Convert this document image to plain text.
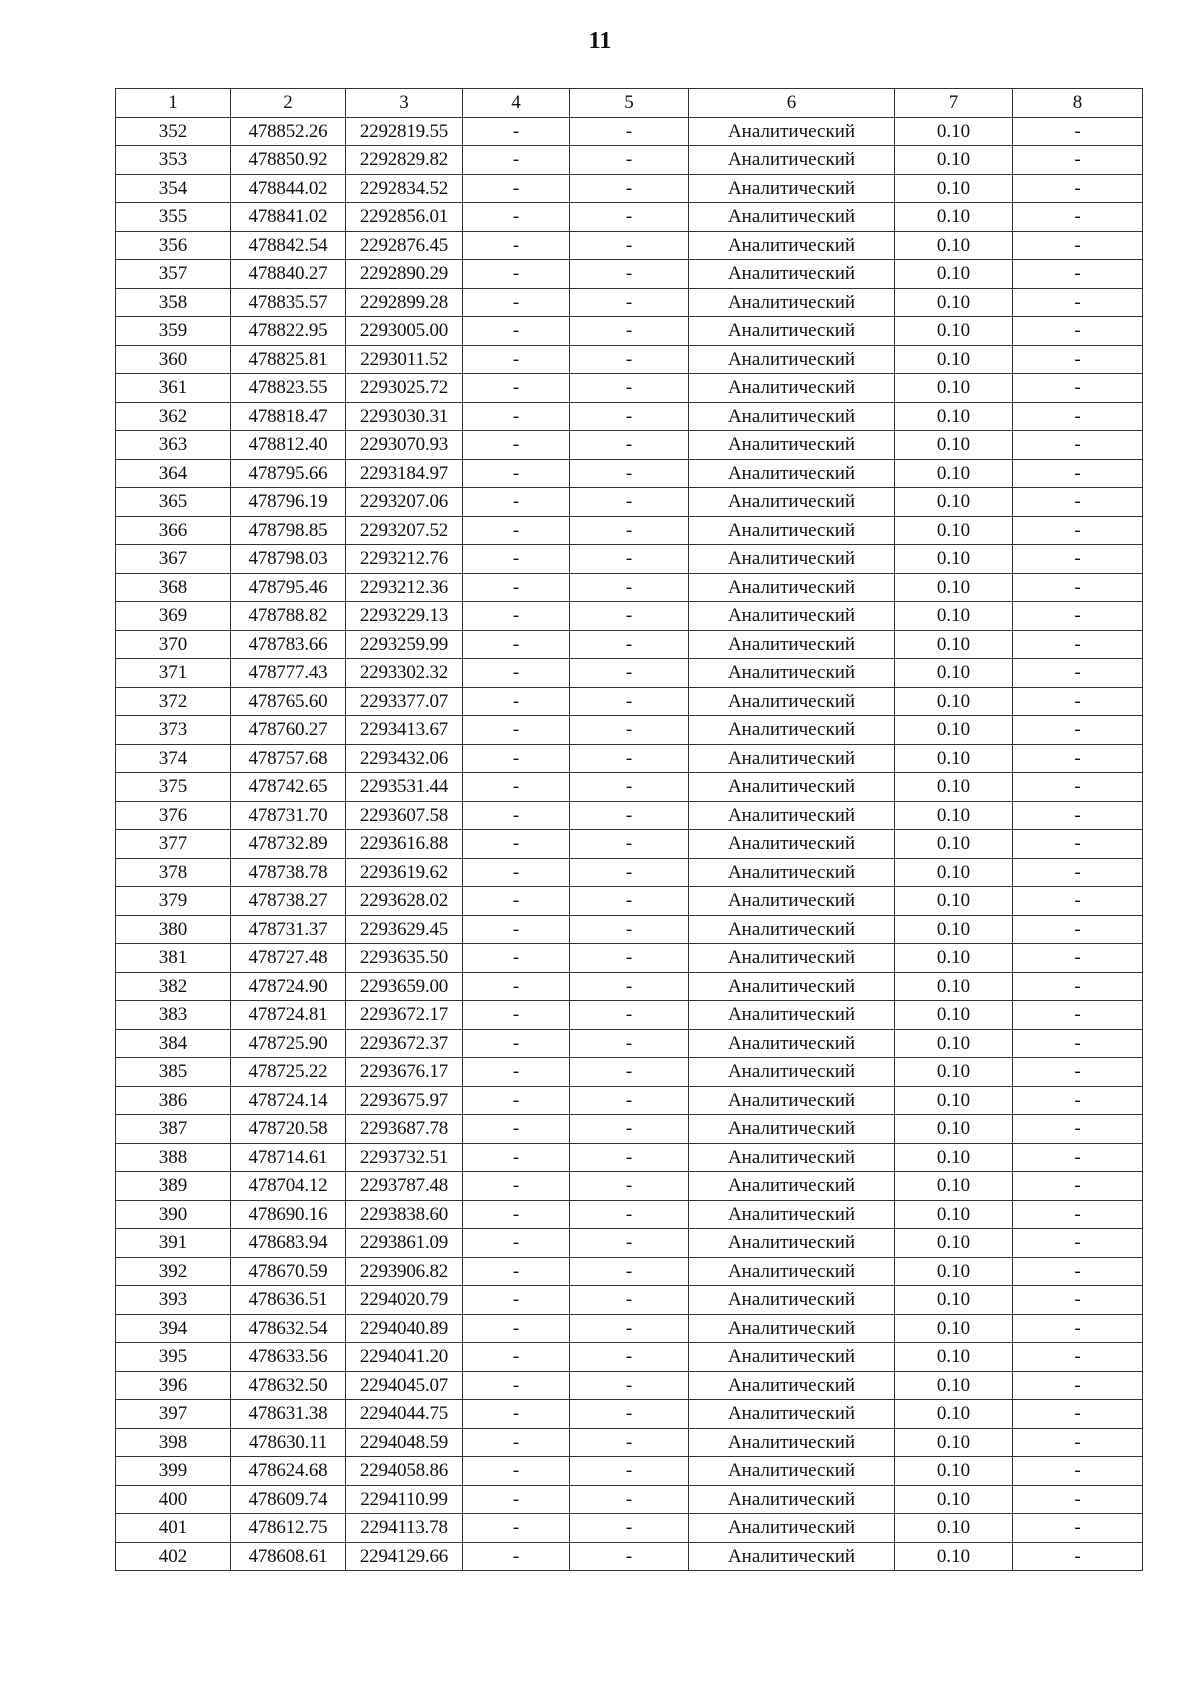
11
1	2	3	4	5	6	7	8
352	478852.26	2292819.55	-	-	Аналитический	0.10	-
353	478850.92	2292829.82	-	-	Аналитический	0.10	-
354	478844.02	2292834.52	-	-	Аналитический	0.10	-
355	478841.02	2292856.01	-	-	Аналитический	0.10	-
356	478842.54	2292876.45	-	-	Аналитический	0.10	-
357	478840.27	2292890.29	-	-	Аналитический	0.10	-
358	478835.57	2292899.28	-	-	Аналитический	0.10	-
359	478822.95	2293005.00	-	-	Аналитический	0.10	-
360	478825.81	2293011.52	-	-	Аналитический	0.10	-
361	478823.55	2293025.72	-	-	Аналитический	0.10	-
362	478818.47	2293030.31	-	-	Аналитический	0.10	-
363	478812.40	2293070.93	-	-	Аналитический	0.10	-
364	478795.66	2293184.97	-	-	Аналитический	0.10	-
365	478796.19	2293207.06	-	-	Аналитический	0.10	-
366	478798.85	2293207.52	-	-	Аналитический	0.10	-
367	478798.03	2293212.76	-	-	Аналитический	0.10	-
368	478795.46	2293212.36	-	-	Аналитический	0.10	-
369	478788.82	2293229.13	-	-	Аналитический	0.10	-
370	478783.66	2293259.99	-	-	Аналитический	0.10	-
371	478777.43	2293302.32	-	-	Аналитический	0.10	-
372	478765.60	2293377.07	-	-	Аналитический	0.10	-
373	478760.27	2293413.67	-	-	Аналитический	0.10	-
374	478757.68	2293432.06	-	-	Аналитический	0.10	-
375	478742.65	2293531.44	-	-	Аналитический	0.10	-
376	478731.70	2293607.58	-	-	Аналитический	0.10	-
377	478732.89	2293616.88	-	-	Аналитический	0.10	-
378	478738.78	2293619.62	-	-	Аналитический	0.10	-
379	478738.27	2293628.02	-	-	Аналитический	0.10	-
380	478731.37	2293629.45	-	-	Аналитический	0.10	-
381	478727.48	2293635.50	-	-	Аналитический	0.10	-
382	478724.90	2293659.00	-	-	Аналитический	0.10	-
383	478724.81	2293672.17	-	-	Аналитический	0.10	-
384	478725.90	2293672.37	-	-	Аналитический	0.10	-
385	478725.22	2293676.17	-	-	Аналитический	0.10	-
386	478724.14	2293675.97	-	-	Аналитический	0.10	-
387	478720.58	2293687.78	-	-	Аналитический	0.10	-
388	478714.61	2293732.51	-	-	Аналитический	0.10	-
389	478704.12	2293787.48	-	-	Аналитический	0.10	-
390	478690.16	2293838.60	-	-	Аналитический	0.10	-
391	478683.94	2293861.09	-	-	Аналитический	0.10	-
392	478670.59	2293906.82	-	-	Аналитический	0.10	-
393	478636.51	2294020.79	-	-	Аналитический	0.10	-
394	478632.54	2294040.89	-	-	Аналитический	0.10	-
395	478633.56	2294041.20	-	-	Аналитический	0.10	-
396	478632.50	2294045.07	-	-	Аналитический	0.10	-
397	478631.38	2294044.75	-	-	Аналитический	0.10	-
398	478630.11	2294048.59	-	-	Аналитический	0.10	-
399	478624.68	2294058.86	-	-	Аналитический	0.10	-
400	478609.74	2294110.99	-	-	Аналитический	0.10	-
401	478612.75	2294113.78	-	-	Аналитический	0.10	-
402	478608.61	2294129.66	-	-	Аналитический	0.10	-
